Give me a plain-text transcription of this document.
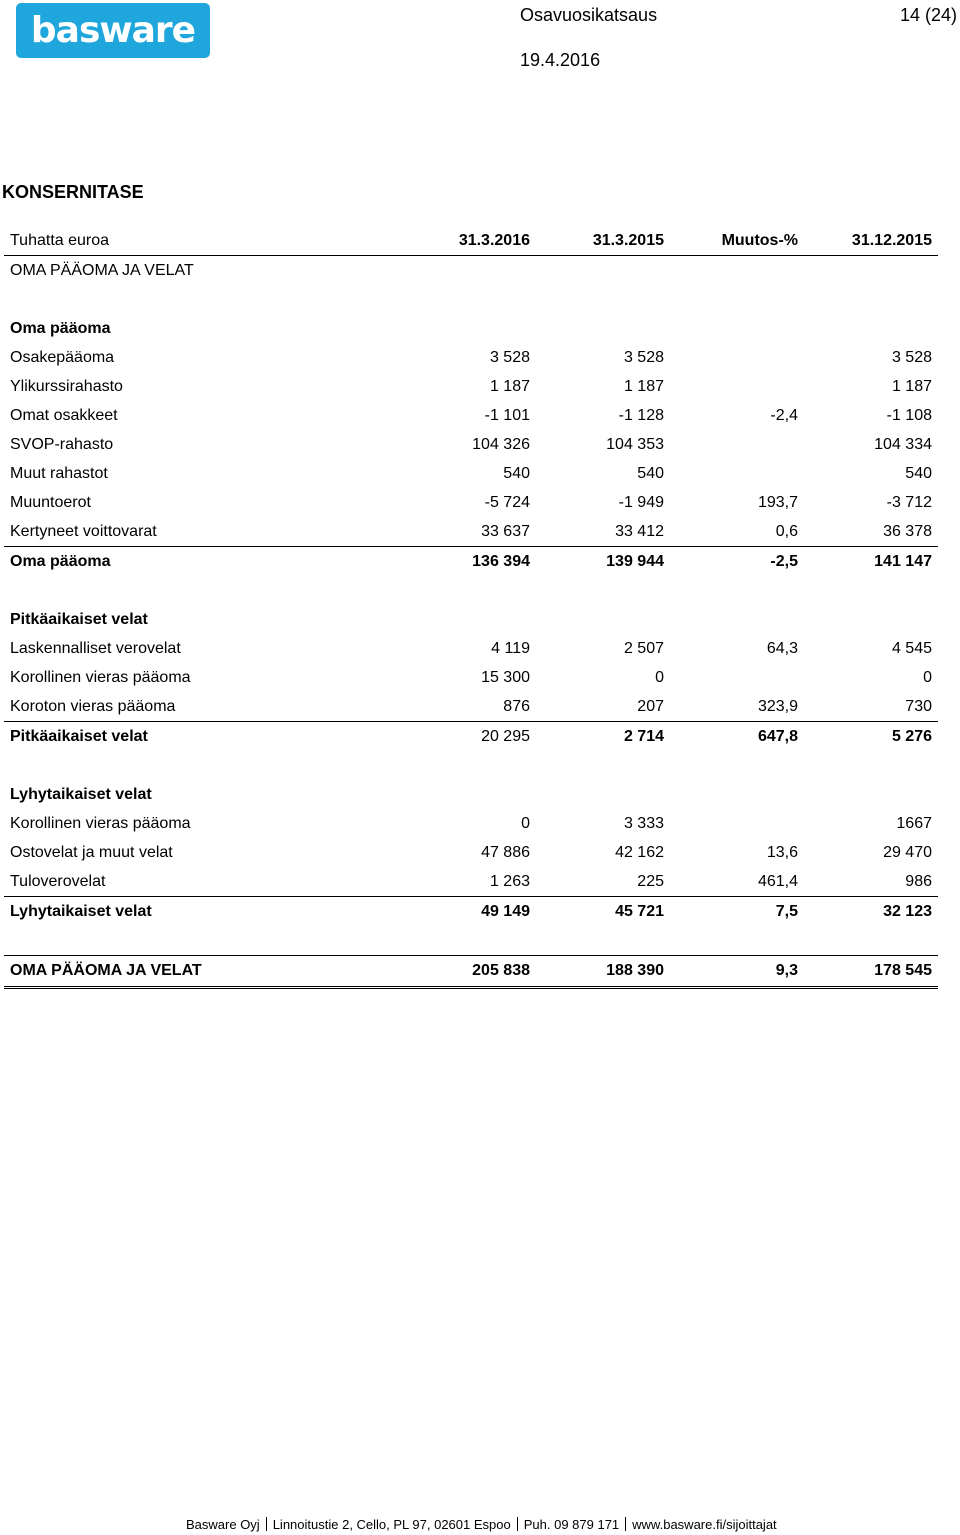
basware	Osavuosikatsaus	14 (24)
19.4.2016
KONSERNITASE
Tuhatta euroa	31.3.2016	31.3.2015	Muutos-%	31.12.2015
OMA PÄÄOMA JA VELAT				

Oma pääoma				
Osakepääoma	3 528	3 528		3 528
Ylikurssirahasto	1 187	1 187		1 187
Omat osakkeet	-1 101	-1 128	-2,4	-1 108
SVOP-rahasto	104 326	104 353		104 334
Muut rahastot	540	540		540
Muuntoerot	-5 724	-1 949	193,7	-3 712
Kertyneet voittovarat	33 637	33 412	0,6	36 378
Oma pääoma	136 394	139 944	-2,5	141 147

Pitkäaikaiset velat				
Laskennalliset verovelat	4 119	2 507	64,3	4 545
Korollinen vieras pääoma	15 300	0		0
Koroton vieras pääoma	876	207	323,9	730
Pitkäaikaiset velat	20 295	2 714	647,8	5 276

Lyhytaikaiset velat				
Korollinen vieras pääoma	0	3 333		1667
Ostovelat ja muut velat	47 886	42 162	13,6	29 470
Tuloverovelat	1 263	225	461,4	986
Lyhytaikaiset velat	49 149	45 721	7,5	32 123

OMA PÄÄOMA JA VELAT	205 838	188 390	9,3	178 545
Basware Oyj Linnoitustie 2, Cello, PL 97, 02601 Espoo Puh. 09 879 171 www.basware.fi/sijoittajat
